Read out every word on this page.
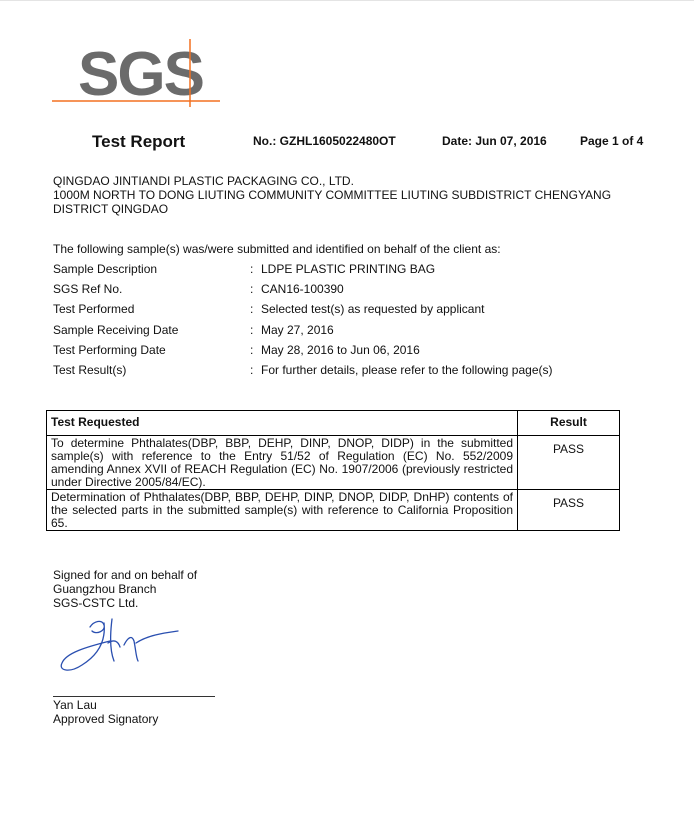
SGS
Test Report	No.: GZHL1605022480OT	Date: Jun 07, 2016	Page 1 of 4
QINGDAO JINTIANDI PLASTIC PACKAGING CO., LTD.
1000M NORTH TO DONG LIUTING COMMUNITY COMMITTEE LIUTING SUBDISTRICT CHENGYANG
DISTRICT QINGDAO
The following sample(s) was/were submitted and identified on behalf of the client as:
Sample Description	: LDPE PLASTIC PRINTING BAG
SGS Ref No.	: CAN16-100390
Test Performed	: Selected test(s) as requested by applicant
Sample Receiving Date	: May 27, 2016
Test Performing Date	: May 28, 2016 to Jun 06, 2016
Test Result(s)	: For further details, please refer to the following page(s)
Test Requested	Result
To determine Phthalates(DBP, BBP, DEHP, DINP, DNOP, DIDP) in the submitted sample(s) with reference to the Entry 51/52 of Regulation (EC) No. 552/2009 amending Annex XVII of REACH Regulation (EC) No. 1907/2006 (previously restricted under Directive 2005/84/EC).	PASS
Determination of Phthalates(DBP, BBP, DEHP, DINP, DNOP, DIDP, DnHP) contents of the selected parts in the submitted sample(s) with reference to California Proposition 65.	PASS
Signed for and on behalf of
Guangzhou Branch
SGS-CSTC Ltd.
Yan Lau
Approved Signatory
